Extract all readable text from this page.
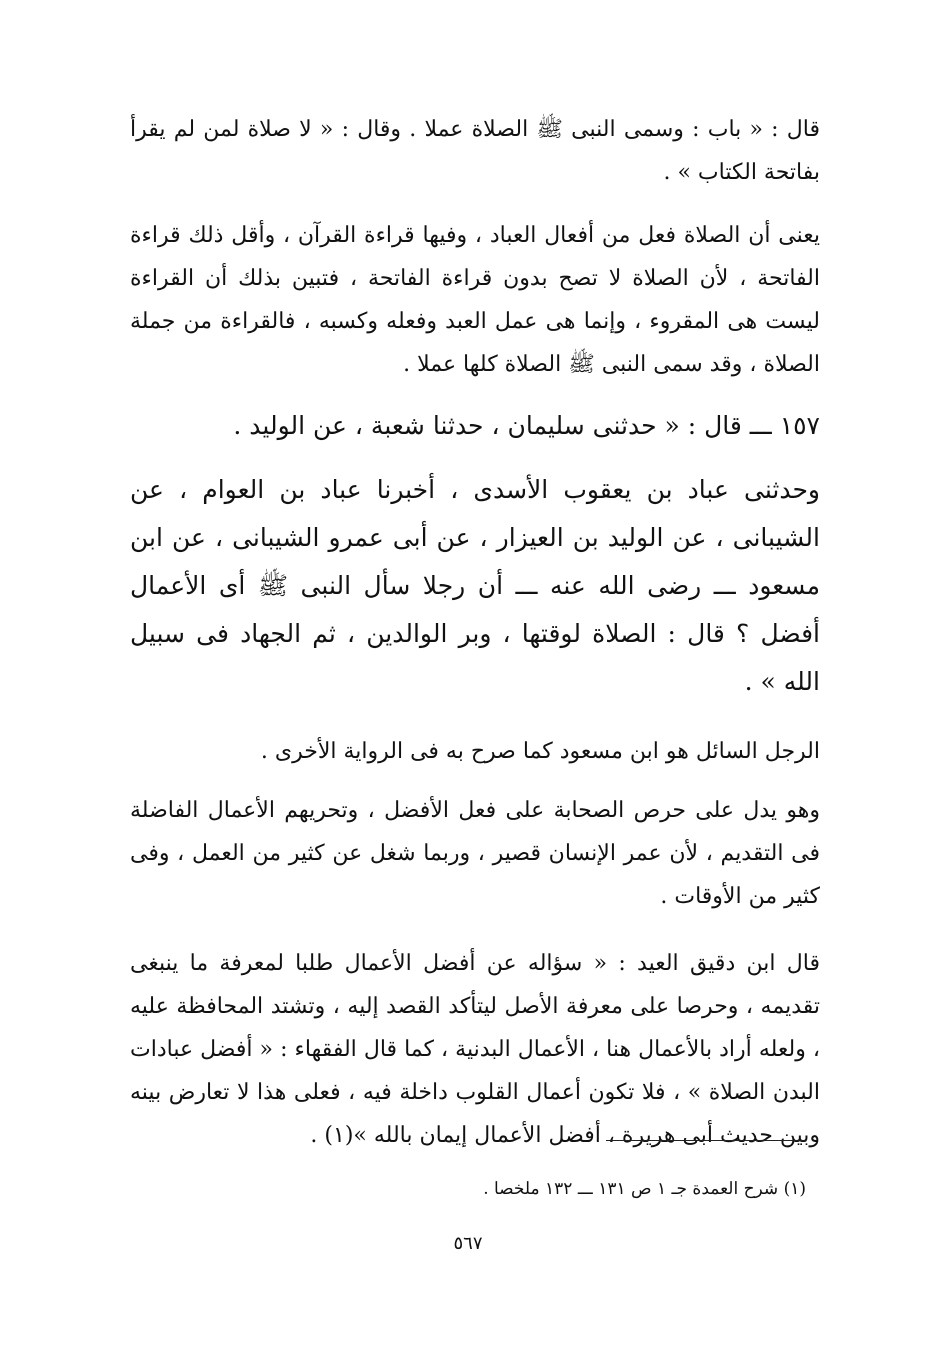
قال : « باب : وسمى النبى ﷺ الصلاة عملا . وقال : « لا صلاة لمن لم يقرأ بفاتحة الكتاب » .

يعنى أن الصلاة فعل من أفعال العباد ، وفيها قراءة القرآن ، وأقل ذلك قراءة الفاتحة ، لأن الصلاة لا تصح بدون قراءة الفاتحة ، فتبين بذلك أن القراءة ليست هى المقروء ، وإنما هى عمل العبد وفعله وكسبه ، فالقراءة من جملة الصلاة ، وقد سمى النبى ﷺ الصلاة كلها عملا .

١٥٧ ـــ قال : « حدثنى سليمان ، حدثنا شعبة ، عن الوليد .

وحدثنى عباد بن يعقوب الأسدى ، أخبرنا عباد بن العوام ، عن الشيبانى ، عن الوليد بن العيزار ، عن أبى عمرو الشيبانى ، عن ابن مسعود ـــ رضى الله عنه ـــ أن رجلا سأل النبى ﷺ أى الأعمال أفضل ؟ قال : الصلاة لوقتها ، وبر الوالدين ، ثم الجهاد فى سبيل الله » .

الرجل السائل هو ابن مسعود كما صرح به فى الرواية الأخرى .

وهو يدل على حرص الصحابة على فعل الأفضل ، وتحريهم الأعمال الفاضلة فى التقديم ، لأن عمر الإنسان قصير ، وربما شغل عن كثير من العمل ، وفى كثير من الأوقات .

قال ابن دقيق العيد : « سؤاله عن أفضل الأعمال طلبا لمعرفة ما ينبغى تقديمه ، وحرصا على معرفة الأصل ليتأكد القصد إليه ، وتشتد المحافظة عليه ، ولعله أراد بالأعمال هنا ، الأعمال البدنية ، كما قال الفقهاء : « أفضل عبادات البدن الصلاة » ، فلا تكون أعمال القلوب داخلة فيه ، فعلى هذا لا تعارض بينه وبين حديث أبى هريرة ، أفضل الأعمال إيمان بالله »(١) .

(١) شرح العمدة جـ ١ ص ١٣١ ـــ ١٣٢ ملخصا .

٥٦٧
